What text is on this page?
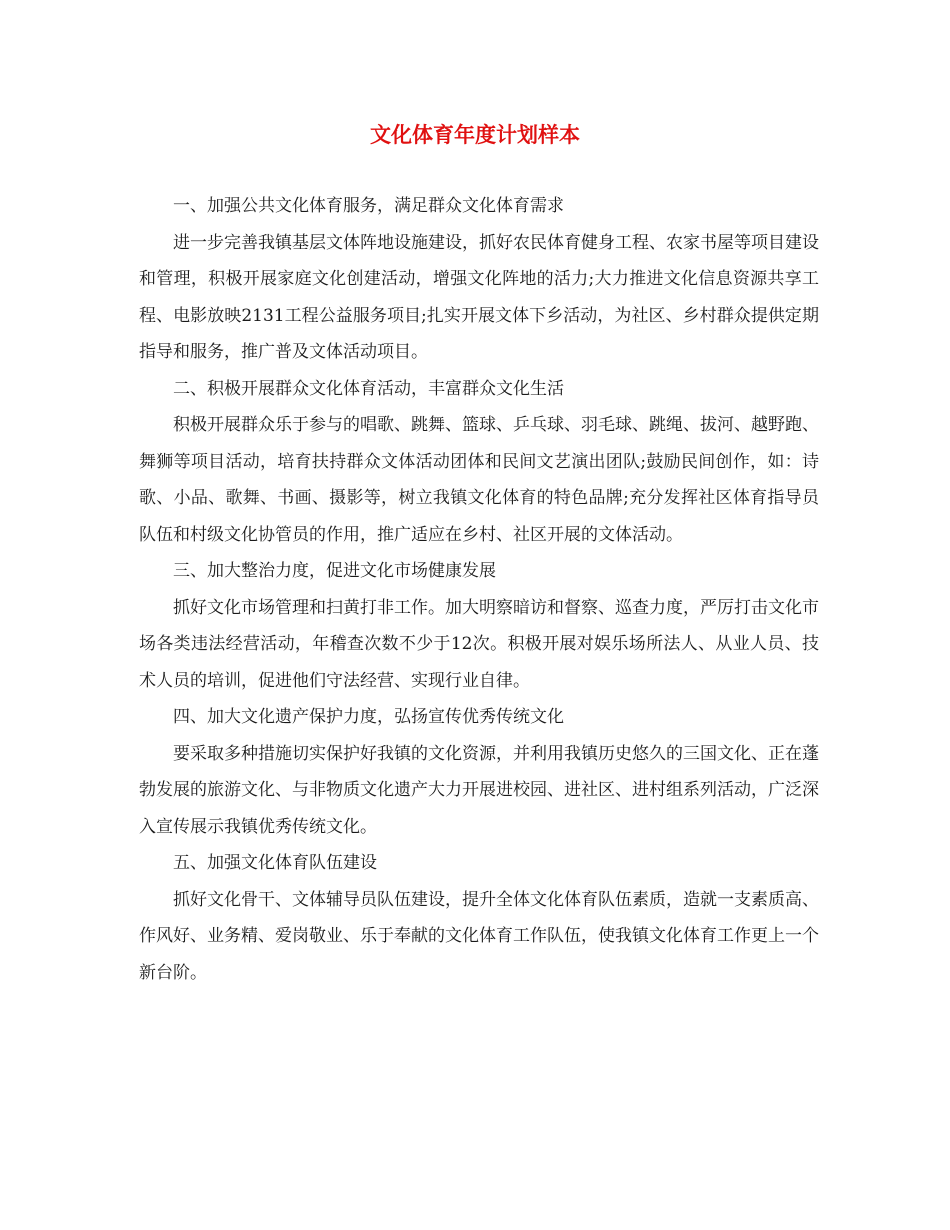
文化体育年度计划样本

一、加强公共文化体育服务，满足群众文化体育需求

进一步完善我镇基层文体阵地设施建设，抓好农民体育健身工程、农家书屋等项目建设和管理，积极开展家庭文化创建活动，增强文化阵地的活力;大力推进文化信息资源共享工程、电影放映2131工程公益服务项目;扎实开展文体下乡活动，为社区、乡村群众提供定期指导和服务，推广普及文体活动项目。

二、积极开展群众文化体育活动，丰富群众文化生活

积极开展群众乐于参与的唱歌、跳舞、篮球、乒乓球、羽毛球、跳绳、拔河、越野跑、舞狮等项目活动，培育扶持群众文体活动团体和民间文艺演出团队;鼓励民间创作，如：诗歌、小品、歌舞、书画、摄影等，树立我镇文化体育的特色品牌;充分发挥社区体育指导员队伍和村级文化协管员的作用，推广适应在乡村、社区开展的文体活动。

三、加大整治力度，促进文化市场健康发展

抓好文化市场管理和扫黄打非工作。加大明察暗访和督察、巡查力度，严厉打击文化市场各类违法经营活动，年稽查次数不少于12次。积极开展对娱乐场所法人、从业人员、技术人员的培训，促进他们守法经营、实现行业自律。

四、加大文化遗产保护力度，弘扬宣传优秀传统文化

要采取多种措施切实保护好我镇的文化资源，并利用我镇历史悠久的三国文化、正在蓬勃发展的旅游文化、与非物质文化遗产大力开展进校园、进社区、进村组系列活动，广泛深入宣传展示我镇优秀传统文化。

五、加强文化体育队伍建设

抓好文化骨干、文体辅导员队伍建设，提升全体文化体育队伍素质，造就一支素质高、作风好、业务精、爱岗敬业、乐于奉献的文化体育工作队伍，使我镇文化体育工作更上一个新台阶。
